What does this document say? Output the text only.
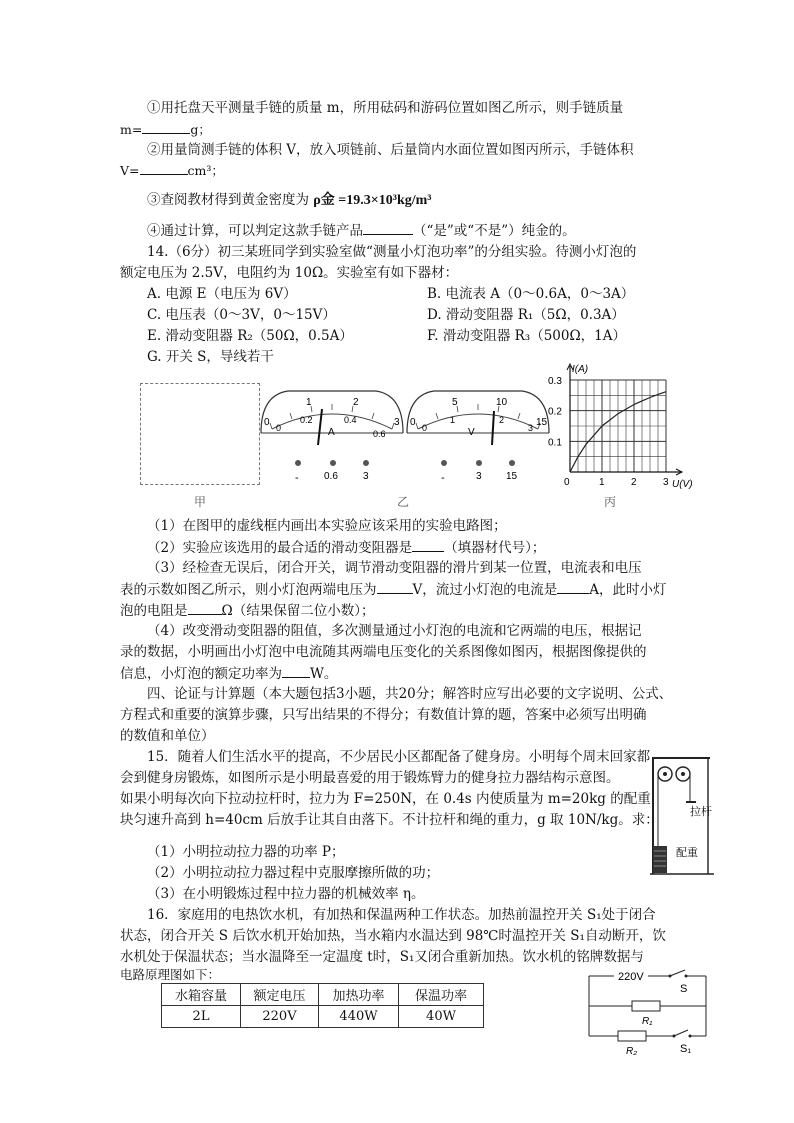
①用托盘天平测量手链的质量 m，所用砝码和游码位置如图乙所示，则手链质量
m=	g；
②用量筒测手链的体积 V，放入项链前、后量筒内水面位置如图丙所示，手链体积
V=	cm³；
③查阅教材得到黄金密度为 ρ金 =19.3×10³kg/m³
④通过计算，可以判定这款手链产品	（“是”或“不是”）纯金的。
14.（6分）初三某班同学到实验室做“测量小灯泡功率”的分组实验。待测小灯泡的
额定电压为 2.5V，电阻约为 10Ω。实验室有如下器材：
A. 电源 E（电压为 6V）	B. 电流表 A（0～0.6A，0～3A）
C. 电压表（0～3V，0～15V）	D. 滑动变阻器 R₁（5Ω，0.3A）
E. 滑动变阻器 R₂（50Ω，0.5A）	F. 滑动变阻器 R₃（500Ω，1A）
G. 开关 S，导线若干
甲
0
1	2
3
0
0.2	0.4
0.6
A
-	0.6	3
0
5	10
15
0
1	2
3
V
-	3 15
乙
0	1	2	3
0.1
0.2
0.3
I(A)
U(V)
丙
（1）在图甲的虚线框内画出本实验应该采用的实验电路图；
（2）实验应该选用的最合适的滑动变阻器是 （填器材代号）；
（3）经检查无误后，闭合开关，调节滑动变阻器的滑片到某一位置，电流表和电压
表的示数如图乙所示，则小灯泡两端电压为	V，流过小灯泡的电流是 A，此时小灯
泡的电阻是	Ω（结果保留二位小数）；
（4）改变滑动变阻器的阻值，多次测量通过小灯泡的电流和它两端的电压，根据记
录的数据，小明画出小灯泡中电流随其两端电压变化的关系图像如图丙，根据图像提供的
信息，小灯泡的额定功率为 W。
四、论证与计算题（本大题包括3小题，共20分；解答时应写出必要的文字说明、公式、
方程式和重要的演算步骤，只写出结果的不得分；有数值计算的题，答案中必须写出明确
的数值和单位）
15．随着人们生活水平的提高，不少居民小区都配备了健身房。小明每个周末回家都
会到健身房锻炼，如图所示是小明最喜爱的用于锻炼臂力的健身拉力器结构示意图。
如果小明每次向下拉动拉杆时，拉力为 F=250N，在 0.4s 内使质量为 m=20kg 的配重
块匀速升高到 h=40cm 后放手让其自由落下。不计拉杆和绳的重力，g 取 10N/kg。求：
（1）小明拉动拉力器的功率 P；
（2）小明拉动拉力器过程中克服摩擦所做的功；
（3）在小明锻炼过程中拉力器的机械效率 η。
拉杆
配重
16．家庭用的电热饮水机，有加热和保温两种工作状态。加热前温控开关 S₁处于闭合
状态，闭合开关 S 后饮水机开始加热，当水箱内水温达到 98℃时温控开关 S₁自动断开，饮
水机处于保温状态；当水温降至一定温度 t时，S₁又闭合重新加热。饮水机的铭牌数据与
电路原理图如下：
水箱容量	额定电压	加热功率	保温功率
2L	220V	440W	40W
220V
S
R₁
R₂	S₁
